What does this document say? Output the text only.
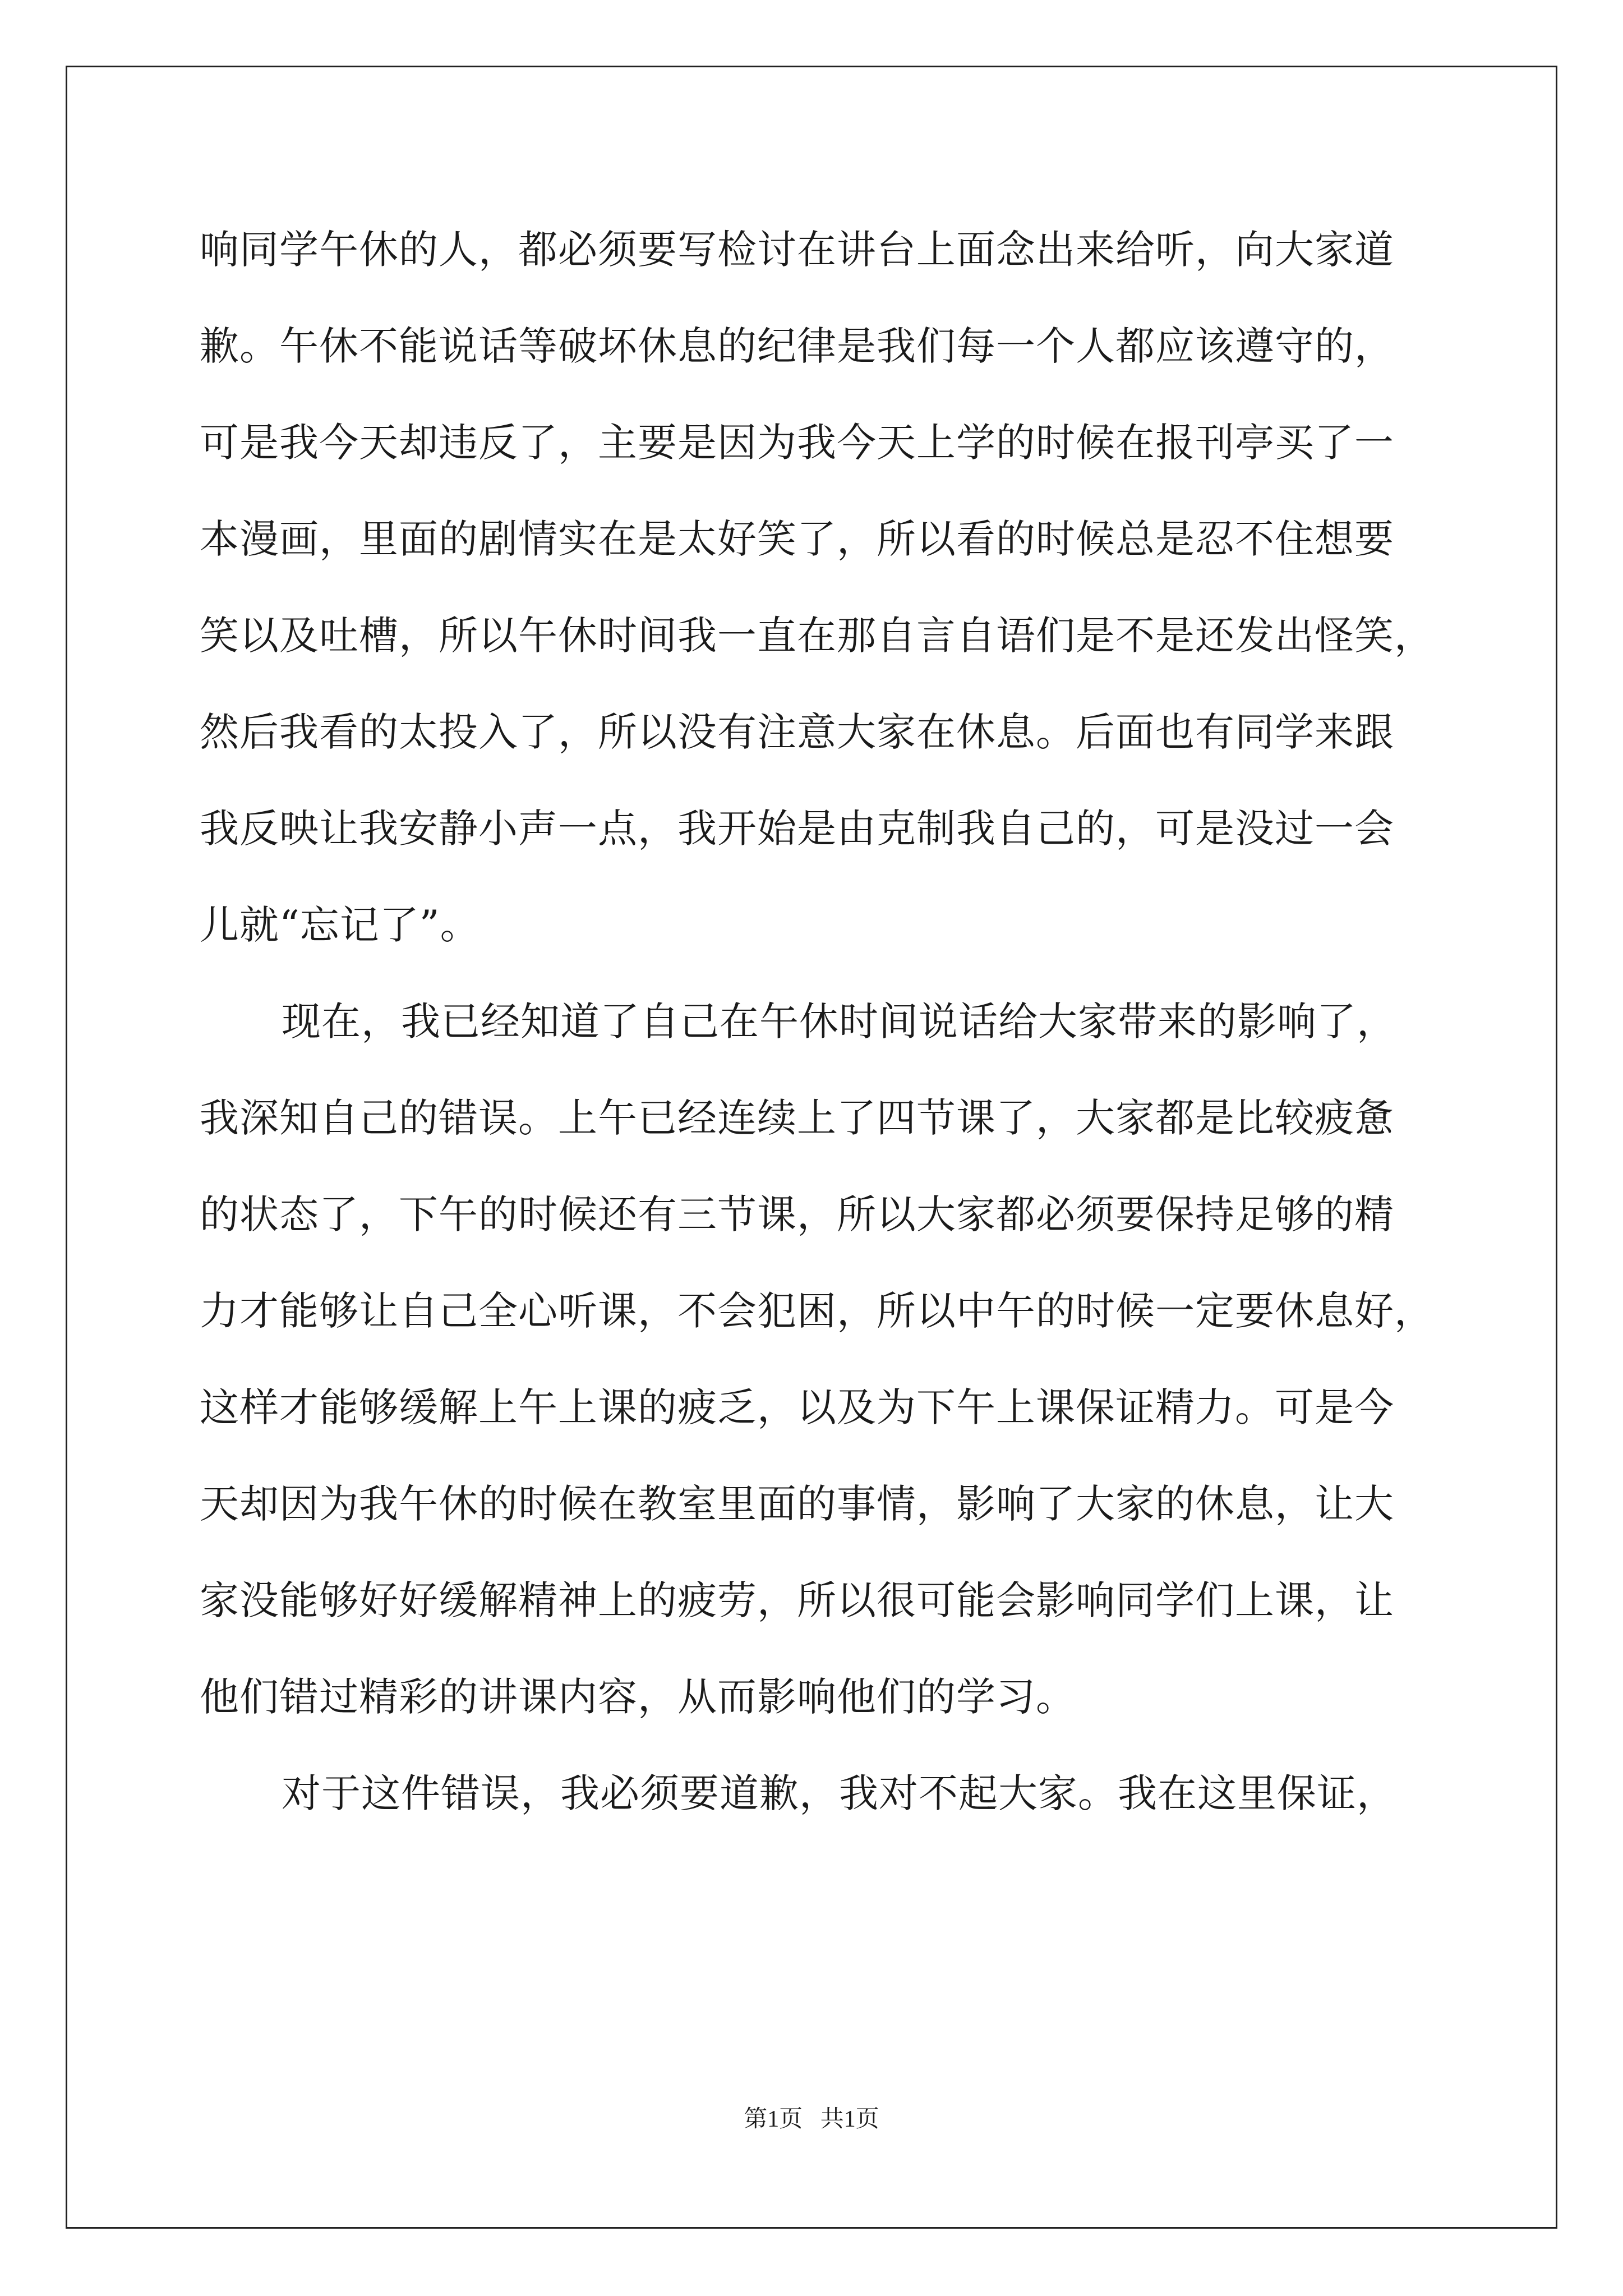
响同学午休的人，都必须要写检讨在讲台上面念出来给听，向大家道
歉。午休不能说话等破坏休息的纪律是我们每一个人都应该遵守的，
可是我今天却违反了，主要是因为我今天上学的时候在报刊亭买了一
本漫画，里面的剧情实在是太好笑了，所以看的时候总是忍不住想要
笑以及吐槽，所以午休时间我一直在那自言自语们是不是还发出怪笑，
然后我看的太投入了，所以没有注意大家在休息。后面也有同学来跟
我反映让我安静小声一点，我开始是由克制我自己的，可是没过一会
儿就“忘记了”。
现在，我已经知道了自己在午休时间说话给大家带来的影响了，
我深知自己的错误。上午已经连续上了四节课了，大家都是比较疲惫
的状态了，下午的时候还有三节课，所以大家都必须要保持足够的精
力才能够让自己全心听课，不会犯困，所以中午的时候一定要休息好，
这样才能够缓解上午上课的疲乏，以及为下午上课保证精力。可是今
天却因为我午休的时候在教室里面的事情，影响了大家的休息，让大
家没能够好好缓解精神上的疲劳，所以很可能会影响同学们上课，让
他们错过精彩的讲课内容，从而影响他们的学习。
对于这件错误，我必须要道歉，我对不起大家。我在这里保证，
第1页   共1页
